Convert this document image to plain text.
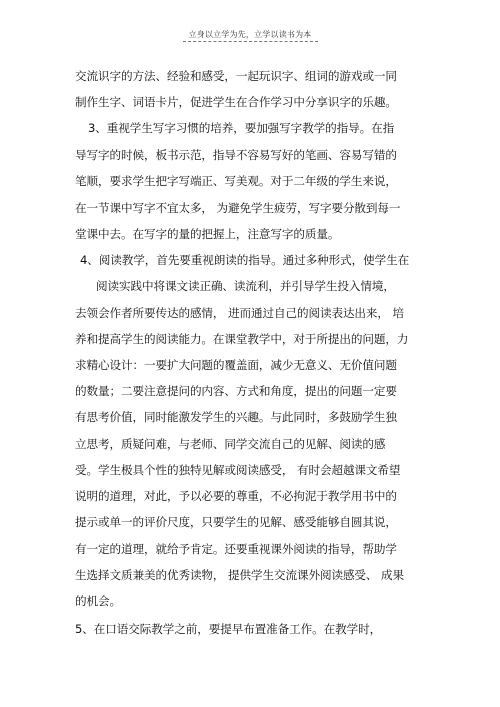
立身以立学为先，立学以读书为本
交流识字的方法、经验和感受，一起玩识字、组词的游戏或一同
制作生字、词语卡片，促进学生在合作学习中分享识字的乐趣。
3、重视学生写字习惯的培养，要加强写字教学的指导。在指
导写字的时候，板书示范，指导不容易写好的笔画、容易写错的
笔顺，要求学生把字写端正、写美观。对于二年级的学生来说，
在一节课中写字不宜太多， 为避免学生疲劳，写字要分散到每一
堂课中去。在写字的量的把握上，注意写字的质量。
4、阅读教学，首先要重视朗读的指导。通过多种形式，使学生在
阅读实践中将课文读正确、读流利，并引导学生投入情境，
去领会作者所要传达的感情， 进而通过自己的阅读表达出来， 培
养和提高学生的阅读能力。在课堂教学中，对于所提出的问题，力
求精心设计：一要扩大问题的覆盖面，减少无意义、无价值问题
的数量；二要注意提问的内容、方式和角度，提出的问题一定要
有思考价值，同时能激发学生的兴趣。与此同时，多鼓励学生独
立思考，质疑问难，与老师、同学交流自己的见解、阅读的感
受。学生极具个性的独特见解或阅读感受， 有时会超越课文希望
说明的道理，对此，予以必要的尊重，不必拘泥于教学用书中的
提示或单一的评价尺度，只要学生的见解、感受能够自圆其说，
有一定的道理，就给予肯定。还要重视课外阅读的指导，帮助学
生选择文质兼美的优秀读物， 提供学生交流课外阅读感受、 成果
的机会。
5、在口语交际教学之前，要提早布置准备工作。在教学时，
